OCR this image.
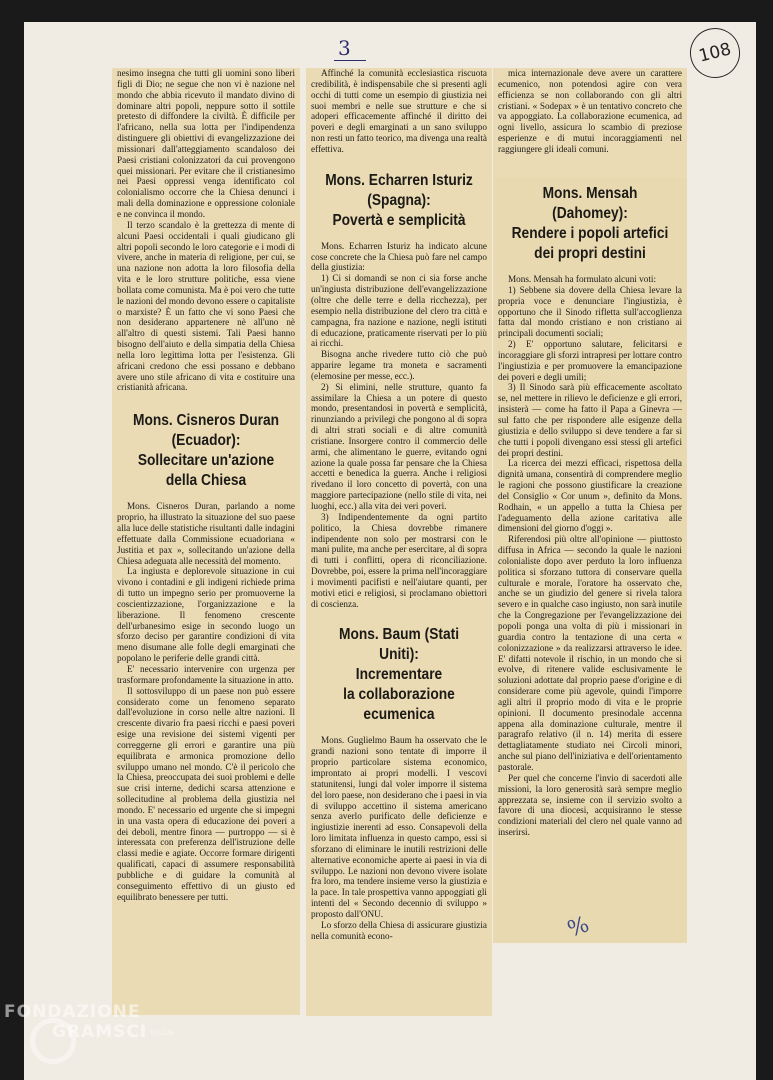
3	108

nesimo insegna che tutti gli uomini sono liberi figli di Dio; ne segue che non vi è nazione nel mondo che abbia ricevuto il mandato divino di dominare altri popoli, neppure sotto il sottile pretesto di diffondere la civiltà. È difficile per l'africano, nella sua lotta per l'indipendenza distinguere gli obiettivi di evangelizzazione dei missionari dall'atteggiamento scandaloso dei Paesi cristiani colonizzatori da cui provengono quei missionari. Per evitare che il cristianesimo nei Paesi oppressi venga identificato col colonialismo occorre che la Chiesa denunci i mali della dominazione e oppressione coloniale e ne convinca il mondo.

Il terzo scandalo è la grettezza di mente di alcuni Paesi occidentali i quali giudicano gli altri popoli secondo le loro categorie e i modi di vivere, anche in materia di religione, per cui, se una nazione non adotta la loro filosofia della vita e le loro strutture politiche, essa viene bollata come comunista. Ma è poi vero che tutte le nazioni del mondo devono essere o capitaliste o marxiste? È un fatto che vi sono Paesi che non desiderano appartenere nè all'uno nè all'altro di questi sistemi. Tali Paesi hanno bisogno dell'aiuto e della simpatia della Chiesa nella loro legittima lotta per l'esistenza. Gli africani credono che essi possano e debbano avere uno stile africano di vita e costituire una cristianità africana.

Mons. Cisneros Duran
(Ecuador):
Sollecitare un'azione
della Chiesa

Mons. Cisneros Duran, parlando a nome proprio, ha illustrato la situazione del suo paese alla luce delle statistiche risultanti dalle indagini effettuate dalla Commissione ecuadoriana « Justitia et pax », sollecitando un'azione della Chiesa adeguata alle necessità del momento.

La ingiusta e deplorevole situazione in cui vivono i contadini e gli indigeni richiede prima di tutto un impegno serio per promuoverne la coscientizzazione, l'organizzazione e la liberazione. Il fenomeno crescente dell'urbanesimo esige in secondo luogo un sforzo deciso per garantire condizioni di vita meno disumane alle folle degli emarginati che popolano le periferie delle grandi città.

E' necessario intervenire con urgenza per trasformare profondamente la situazione in atto.

Il sottosviluppo di un paese non può essere considerato come un fenomeno separato dall'evoluzione in corso nelle altre nazioni. Il crescente divario fra paesi ricchi e paesi poveri esige una revisione dei sistemi vigenti per correggerne gli errori e garantire una più equilibrata e armonica promozione dello sviluppo umano nel mondo. C'è il pericolo che la Chiesa, preoccupata dei suoi problemi e delle sue crisi interne, dedichi scarsa attenzione e sollecitudine al problema della giustizia nel mondo. E' necessario ed urgente che si impegni in una vasta opera di educazione dei poveri a dei deboli, mentre finora — purtroppo — si è interessata con preferenza dell'istruzione delle classi medie e agiate. Occorre formare dirigenti qualificati, capaci di assumere responsabilità pubbliche e di guidare la comunità al conseguimento effettivo di un giusto ed equilibrato benessere per tutti.

Affinché la comunità ecclesiastica riscuota credibilità, è indispensabile che si presenti agli occhi di tutti come un esempio di giustizia nei suoi membri e nelle sue strutture e che si adoperi efficacemente affinché il diritto dei poveri e degli emarginati a un sano sviluppo non resti un fatto teorico, ma divenga una realtà effettiva.

Mons. Echarren Isturiz
(Spagna):
Povertà e semplicità

Mons. Echarren Isturiz ha indicato alcune cose concrete che la Chiesa può fare nel campo della giustizia:

1) Ci si domandi se non ci sia forse anche un'ingiusta distribuzione dell'evangelizzazione (oltre che delle terre e della ricchezza), per esempio nella distribuzione del clero tra città e campagna, fra nazione e nazione, negli istituti di educazione, praticamente riservati per lo più ai ricchi.

Bisogna anche rivedere tutto ciò che può apparire legame tra moneta e sacramenti (elemosine per messe, ecc.).

2) Si elimini, nelle strutture, quanto fa assimilare la Chiesa a un potere di questo mondo, presentandosi in povertà e semplicità, rinunziando a privilegi che pongono al di sopra di altri strati sociali e di altre comunità cristiane. Insorgere contro il commercio delle armi, che alimentano le guerre, evitando ogni azione la quale possa far pensare che la Chiesa accetti e benedica la guerra. Anche i religiosi rivedano il loro concetto di povertà, con una maggiore partecipazione (nello stile di vita, nei luoghi, ecc.) alla vita dei veri poveri.

3) Indipendentemente da ogni partito politico, la Chiesa dovrebbe rimanere indipendente non solo per mostrarsi con le mani pulite, ma anche per esercitare, al di sopra di tutti i conflitti, opera di riconciliazione. Dovrebbe, poi, essere la prima nell'incoraggiare i movimenti pacifisti e nell'aiutare quanti, per motivi etici e religiosi, si proclamano obiettori di coscienza.

Mons. Baum (Stati Uniti):
Incrementare
la collaborazione
ecumenica

Mons. Guglielmo Baum ha osservato che le grandi nazioni sono tentate di imporre il proprio particolare sistema economico, improntato ai propri modelli. I vescovi statunitensi, lungi dal voler imporre il sistema del loro paese, non desiderano che i paesi in via di sviluppo accettino il sistema americano senza averlo purificato delle deficienze e ingiustizie inerenti ad esso. Consapevoli della loro limitata influenza in questo campo, essi si sforzano di eliminare le inutili restrizioni delle alternative economiche aperte ai paesi in via di sviluppo. Le nazioni non devono vivere isolate fra loro, ma tendere insieme verso la giustizia e la pace. In tale prospettiva vanno appoggiati gli intenti del « Secondo decennio di sviluppo » proposto dall'ONU.

Lo sforzo della Chiesa di assicurare giustizia nella comunità econo-

mica internazionale deve avere un carattere ecumenico, non potendosi agire con vera efficienza se non collaborando con gli altri cristiani. « Sodepax » è un tentativo concreto che va appoggiato. La collaborazione ecumenica, ad ogni livello, assicura lo scambio di preziose esperienze e di mutui incoraggiamenti nel raggiungere gli ideali comuni.

Mons. Mensah (Dahomey):
Rendere i popoli artefici
dei propri destini

Mons. Mensah ha formulato alcuni voti:

1) Sebbene sia dovere della Chiesa levare la propria voce e denunciare l'ingiustizia, è opportuno che il Sinodo rifletta sull'accoglienza fatta dal mondo cristiano e non cristiano ai principali documenti sociali;

2) E' opportuno salutare, felicitarsi e incoraggiare gli sforzi intrapresi per lottare contro l'ingiustizia e per promuovere la emancipazione dei poveri e degli umili;

3) Il Sinodo sarà più efficacemente ascoltato se, nel mettere in rilievo le deficienze e gli errori, insisterà — come ha fatto il Papa a Ginevra — sul fatto che per rispondere alle esigenze della giustizia e dello sviluppo si deve tendere a far sì che tutti i popoli divengano essi stessi gli artefici dei propri destini.

La ricerca dei mezzi efficaci, rispettosa della dignità umana, consentirà di comprendere meglio le ragioni che possono giustificare la creazione del Consiglio « Cor unum », definito da Mons. Rodhain, « un appello a tutta la Chiesa per l'adeguamento della azione caritativa alle dimensioni del giorno d'oggi ».

Riferendosi più oltre all'opinione — piuttosto diffusa in Africa — secondo la quale le nazioni colonialiste dopo aver perduto la loro influenza politica si sforzano tuttora di conservare quella culturale e morale, l'oratore ha osservato che, anche se un giudizio del genere si rivela talora severo e in qualche caso ingiusto, non sarà inutile che la Congregazione per l'evangelizzazione dei popoli ponga una volta di più i missionari in guardia contro la tentazione di una certa « colonizzazione » da realizzarsi attraverso le idee. E' difatti notevole il rischio, in un mondo che si evolve, di ritenere valide esclusivamente le soluzioni adottate dal proprio paese d'origine e di considerare come più agevole, quindi l'imporre agli altri il proprio modo di vita e le proprie opinioni. Il documento presinodale accenna appena alla dominazione culturale, mentre il paragrafo relativo (il n. 14) merita di essere dettagliatamente studiato nei Circoli minori, anche sul piano dell'iniziativa e dell'orientamento pastorale.

Per quel che concerne l'invio di sacerdoti alle missioni, la loro generosità sarà sempre meglio apprezzata se, insieme con il servizio svolto a favore di una diocesi, acquisiranno le stesse condizioni materiali del clero nel quale vanno ad inserirsi.

%
FONDAZIONE
GRAMSCI onlus
